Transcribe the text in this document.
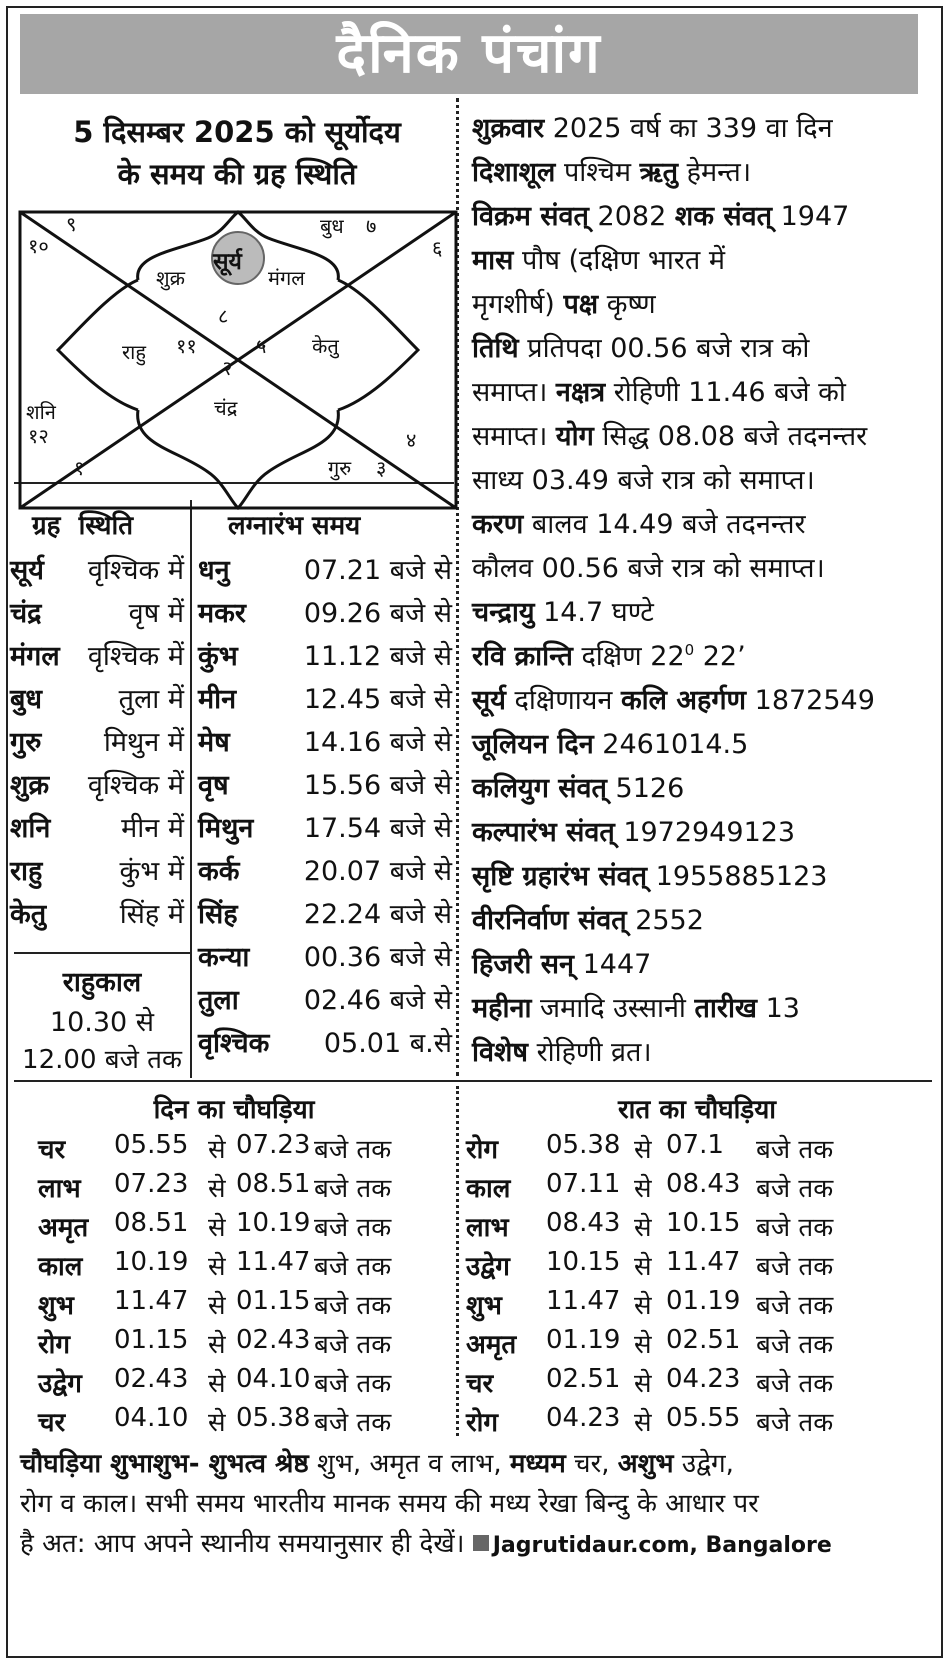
दैनिक पंचांग
5 दिसम्बर 2025 को सूर्योदय
के समय की ग्रह स्थिति
९	बुध ७
१०	६
सूर्य
शुक्र	मंगल
८
राहु ११	५ केतु
२
चंद्र
शनि
१२	४
१	गुरु ३
ग्रह  स्थिति
सूर्य वृश्चिक में
चंद्र	वृष में
मंगल वृश्चिक में
बुध	तुला में
गुरु मिथुन में
शुक्र वृश्चिक में
शनि	मीन में
राहु	कुंभ में
केतु	सिंह में
राहुकाल
10.30 से
12.00 बजे तक
लग्नारंभ समय
धनु	07.21 बजे से
मकर 09.26 बजे से
कुंभ 11.12 बजे से
मीन	12.45 बजे से
मेष	14.16 बजे से
वृष	15.56 बजे से
मिथुन 17.54 बजे से
कर्क 20.07 बजे से
सिंह 22.24 बजे से
कन्या 00.36 बजे से
तुला 02.46 बजे से
वृश्चिक 05.01 ब.से
शुक्रवार 2025 वर्ष का 339 वा दिन
दिशाशूल पश्चिम ऋतु हेमन्त।
विक्रम संवत् 2082 शक संवत् 1947
मास पौष (दक्षिण भारत में
मृगशीर्ष) पक्ष कृष्ण
तिथि प्रतिपदा 00.56 बजे रात्र को
समाप्त। नक्षत्र रोहिणी 11.46 बजे को
समाप्त। योग सिद्ध 08.08 बजे तदनन्तर
साध्य 03.49 बजे रात्र को समाप्त।
करण बालव 14.49 बजे तदनन्तर
कौलव 00.56 बजे रात्र को समाप्त।
चन्द्रायु 14.7 घण्टे
रवि क्रान्ति दक्षिण $22^0$ 22’
सूर्य दक्षिणायन कलि अहर्गण 1872549
जूलियन दिन 2461014.5
कलियुग संवत् 5126
कल्पारंभ संवत् 1972949123
सृष्टि ग्रहारंभ संवत् 1955885123
वीरनिर्वाण संवत् 2552
हिजरी सन् 1447
महीना जमादि उस्सानी तारीख 13
विशेष रोहिणी व्रत।
दिन का चौघड़िया	रात का चौघड़िया
चर 05.55 से 07.23 बजे तक
लाभ 07.23 से 08.51 बजे तक
अमृत 08.51 से 10.19 बजे तक
काल 10.19 से 11.47 बजे तक
शुभ 11.47 से 01.15 बजे तक
रोग 01.15 से 02.43 बजे तक
उद्वेग 02.43 से 04.10 बजे तक
चर 04.10 से 05.38 बजे तक
रोग 05.38 से 07.1 बजे तक
काल 07.11 से 08.43 बजे तक
लाभ 08.43 से 10.15 बजे तक
उद्वेग 10.15 से 11.47 बजे तक
शुभ 11.47 से 01.19 बजे तक
अमृत 01.19 से 02.51 बजे तक
चर 02.51 से 04.23 बजे तक
रोग 04.23 से 05.55 बजे तक
चौघड़िया शुभाशुभ- शुभत्व श्रेष्ठ शुभ, अमृत व लाभ, मध्यम चर, अशुभ उद्वेग,
रोग व काल। सभी समय भारतीय मानक समय की मध्य रेखा बिन्दु के आधार पर
है अत: आप अपने स्थानीय समयानुसार ही देखें। Jagrutidaur.com, Bangalore
